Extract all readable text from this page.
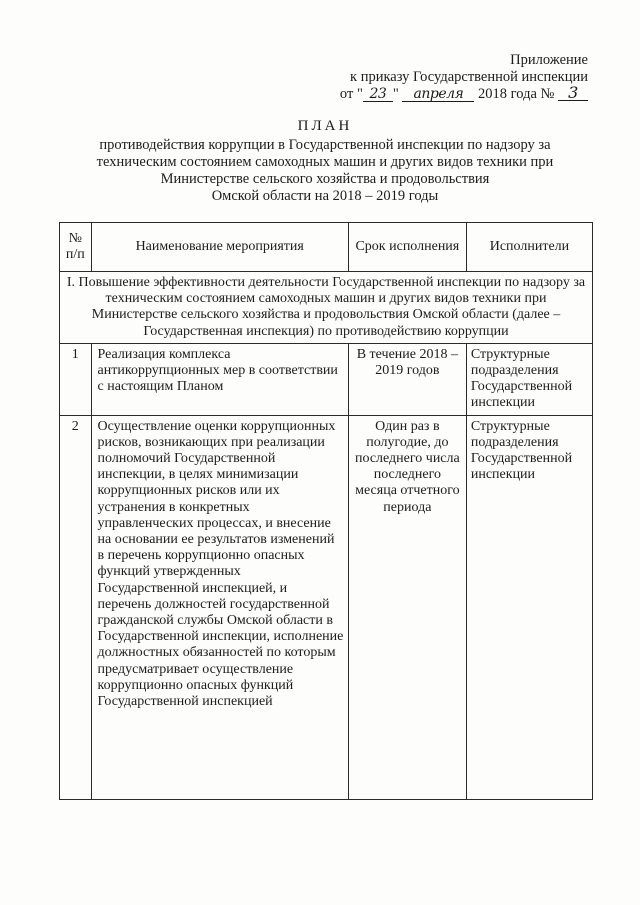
Приложение
к приказу Государственной инспекции
от " 23 " апреля 2018 года № 3
ПЛАН
противодействия коррупции в Государственной инспекции по надзору за
техническим состоянием самоходных машин и других видов техники при
Министерстве сельского хозяйства и продовольствия
Омской области на 2018 – 2019 годы
№ п/п	Наименование мероприятия	Срок исполнения	Исполнители
I. Повышение эффективности деятельности Государственной инспекции по надзору за техническим состоянием самоходных машин и других видов техники при Министерстве сельского хозяйства и продовольствия Омской области (далее – Государственная инспекция) по противодействию коррупции			
1	Реализация комплекса антикоррупционных мер в соответствии с настоящим Планом	В течение 2018 – 2019 годов	Структурные подразделения Государственной инспекции
2	Осуществление оценки коррупционных рисков, возникающих при реализации полномочий Государственной инспекции, в целях минимизации коррупционных рисков или их устранения в конкретных управленческих процессах, и внесение на основании ее результатов изменений в перечень коррупционно опасных функций утвержденных Государственной инспекцией, и перечень должностей государственной гражданской службы Омской области в Государственной инспекции, исполнение должностных обязанностей по которым предусматривает осуществление коррупционно опасных функций Государственной инспекцией	Один раз в полугодие, до последнего числа последнего месяца отчетного периода	Структурные подразделения Государственной инспекции
